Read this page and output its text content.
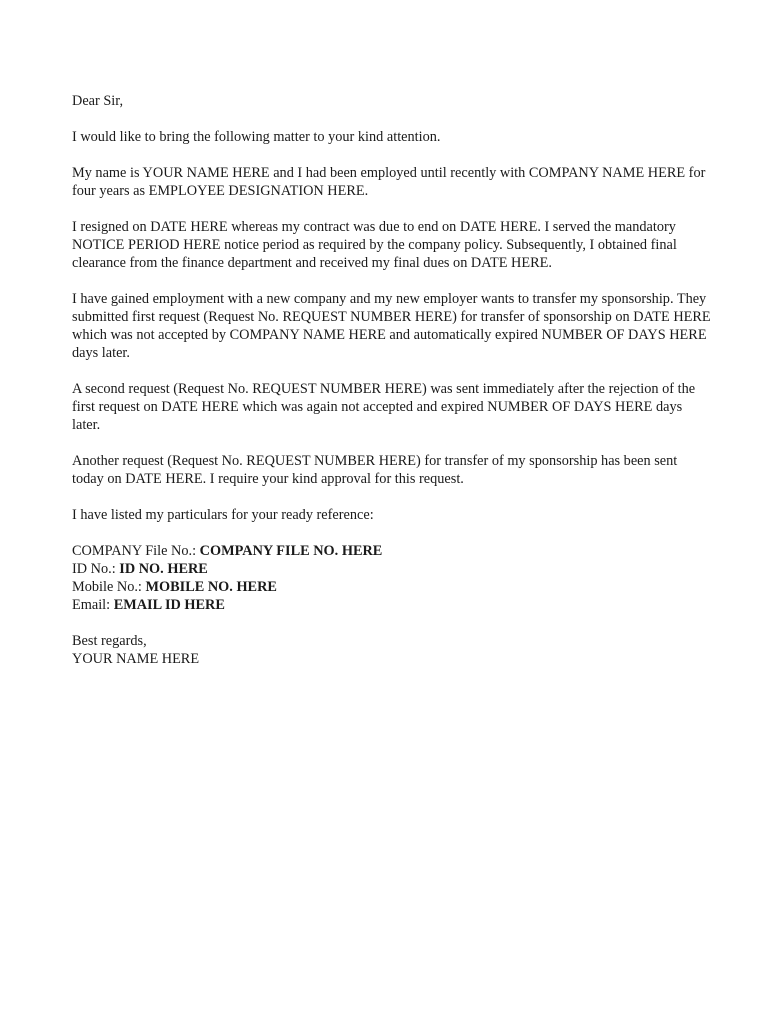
Dear Sir,

I would like to bring the following matter to your kind attention.

My name is YOUR NAME HERE and I had been employed until recently with COMPANY NAME HERE for four years as EMPLOYEE DESIGNATION HERE.

I resigned on DATE HERE whereas my contract was due to end on DATE HERE. I served the mandatory NOTICE PERIOD HERE notice period as required by the company policy. Subsequently, I obtained final clearance from the finance department and received my final dues on DATE HERE.

I have gained employment with a new company and my new employer wants to transfer my sponsorship. They submitted first request (Request No. REQUEST NUMBER HERE) for transfer of sponsorship on DATE HERE which was not accepted by COMPANY NAME HERE and automatically expired NUMBER OF DAYS HERE days later.

A second request (Request No. REQUEST NUMBER HERE) was sent immediately after the rejection of the first request on DATE HERE which was again not accepted and expired NUMBER OF DAYS HERE days later.

Another request (Request No. REQUEST NUMBER HERE) for transfer of my sponsorship has been sent today on DATE HERE. I require your kind approval for this request.

I have listed my particulars for your ready reference:

COMPANY File No.: COMPANY FILE NO. HERE
ID No.: ID NO. HERE
Mobile No.: MOBILE NO. HERE
Email: EMAIL ID HERE
Best regards,
YOUR NAME HERE
